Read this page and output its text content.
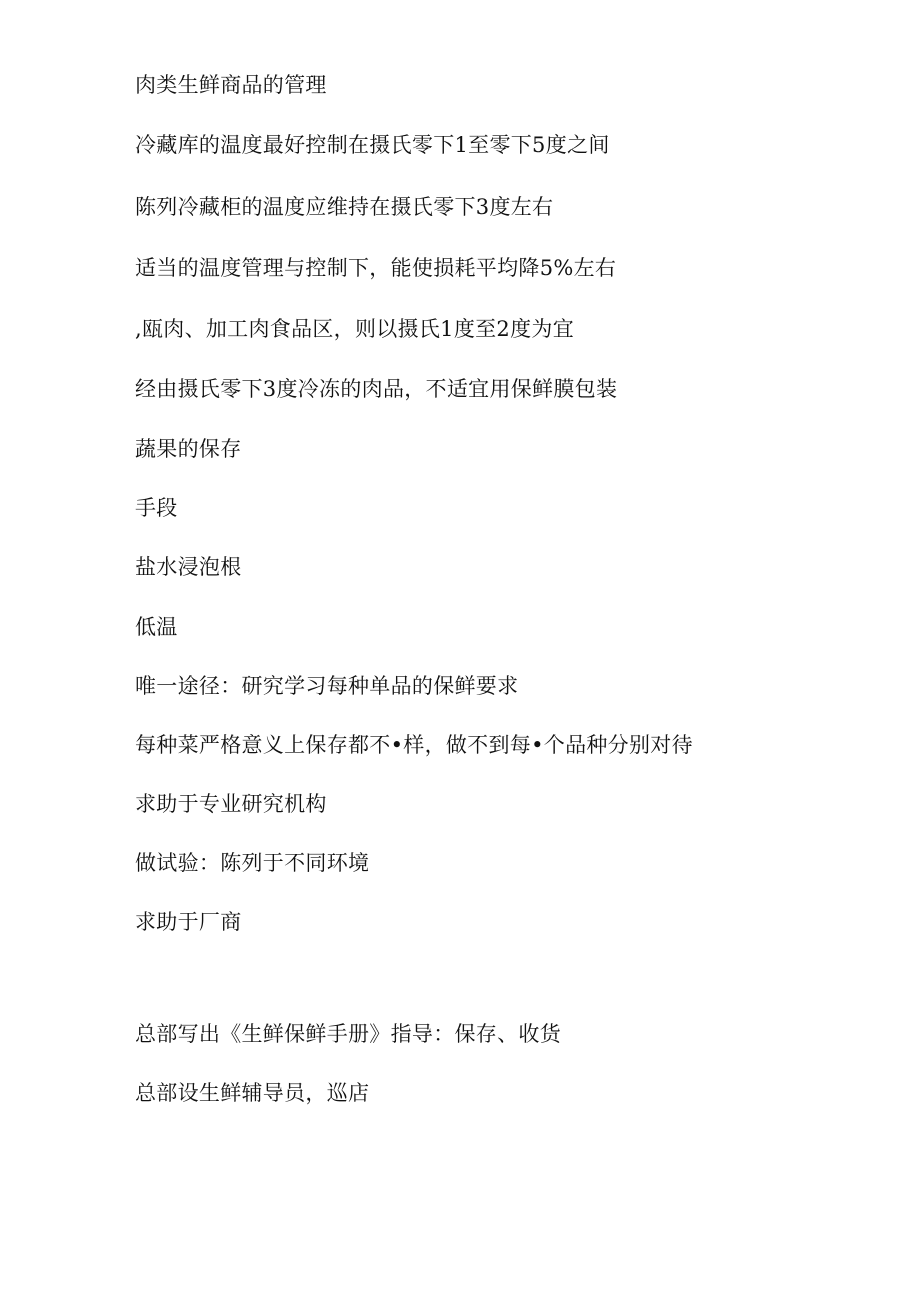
肉类生鲜商品的管理
冷藏库的温度最好控制在摄氏零下1至零下5度之间
陈列冷藏柜的温度应维持在摄氏零下3度左右
适当的温度管理与控制下，能使损耗平均降5%左右
,瓯肉、加工肉食品区，则以摄氏1度至2度为宜
经由摄氏零下3度冷冻的肉品，不适宜用保鲜膜包装
蔬果的保存
手段
盐水浸泡根
低温
唯一途径：研究学习每种单品的保鲜要求
每种菜严格意义上保存都不•样，做不到每•个品种分别对待
求助于专业研究机构
做试验：陈列于不同环境
求助于厂商
总部写出《生鲜保鲜手册》指导：保存、收货
总部设生鲜辅导员，巡店
